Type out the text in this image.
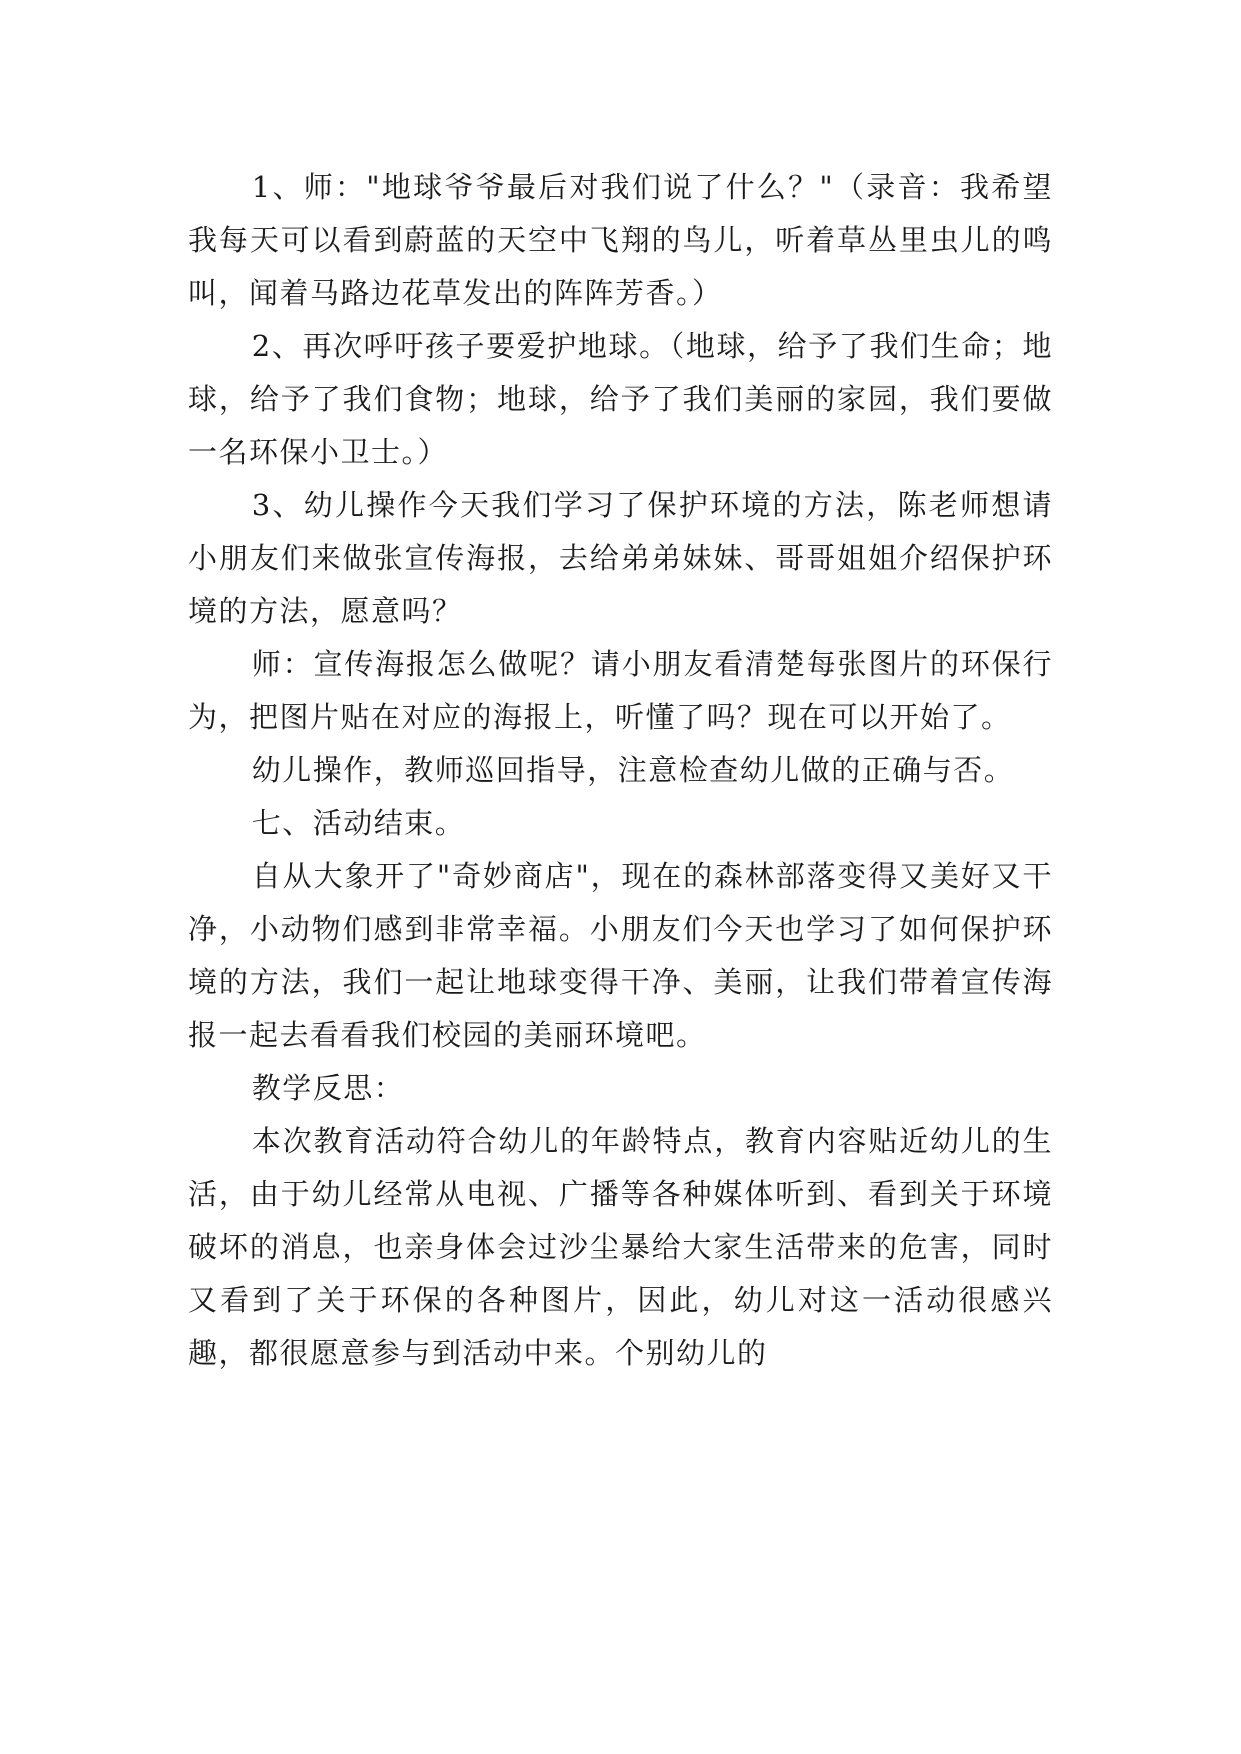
1、师："地球爷爷最后对我们说了什么？"（录音：我希望我每天可以看到蔚蓝的天空中飞翔的鸟儿，听着草丛里虫儿的鸣叫，闻着马路边花草发出的阵阵芳香。）

2、再次呼吁孩子要爱护地球。（地球，给予了我们生命；地球，给予了我们食物；地球，给予了我们美丽的家园，我们要做一名环保小卫士。）

3、幼儿操作今天我们学习了保护环境的方法，陈老师想请小朋友们来做张宣传海报，去给弟弟妹妹、哥哥姐姐介绍保护环境的方法，愿意吗？

师：宣传海报怎么做呢？请小朋友看清楚每张图片的环保行为，把图片贴在对应的海报上，听懂了吗？现在可以开始了。

幼儿操作，教师巡回指导，注意检查幼儿做的正确与否。

七、活动结束。

自从大象开了"奇妙商店"，现在的森林部落变得又美好又干净，小动物们感到非常幸福。小朋友们今天也学习了如何保护环境的方法，我们一起让地球变得干净、美丽，让我们带着宣传海报一起去看看我们校园的美丽环境吧。

教学反思：

本次教育活动符合幼儿的年龄特点，教育内容贴近幼儿的生活，由于幼儿经常从电视、广播等各种媒体听到、看到关于环境破坏的消息，也亲身体会过沙尘暴给大家生活带来的危害，同时又看到了关于环保的各种图片，因此，幼儿对这一活动很感兴趣，都很愿意参与到活动中来。个别幼儿的
